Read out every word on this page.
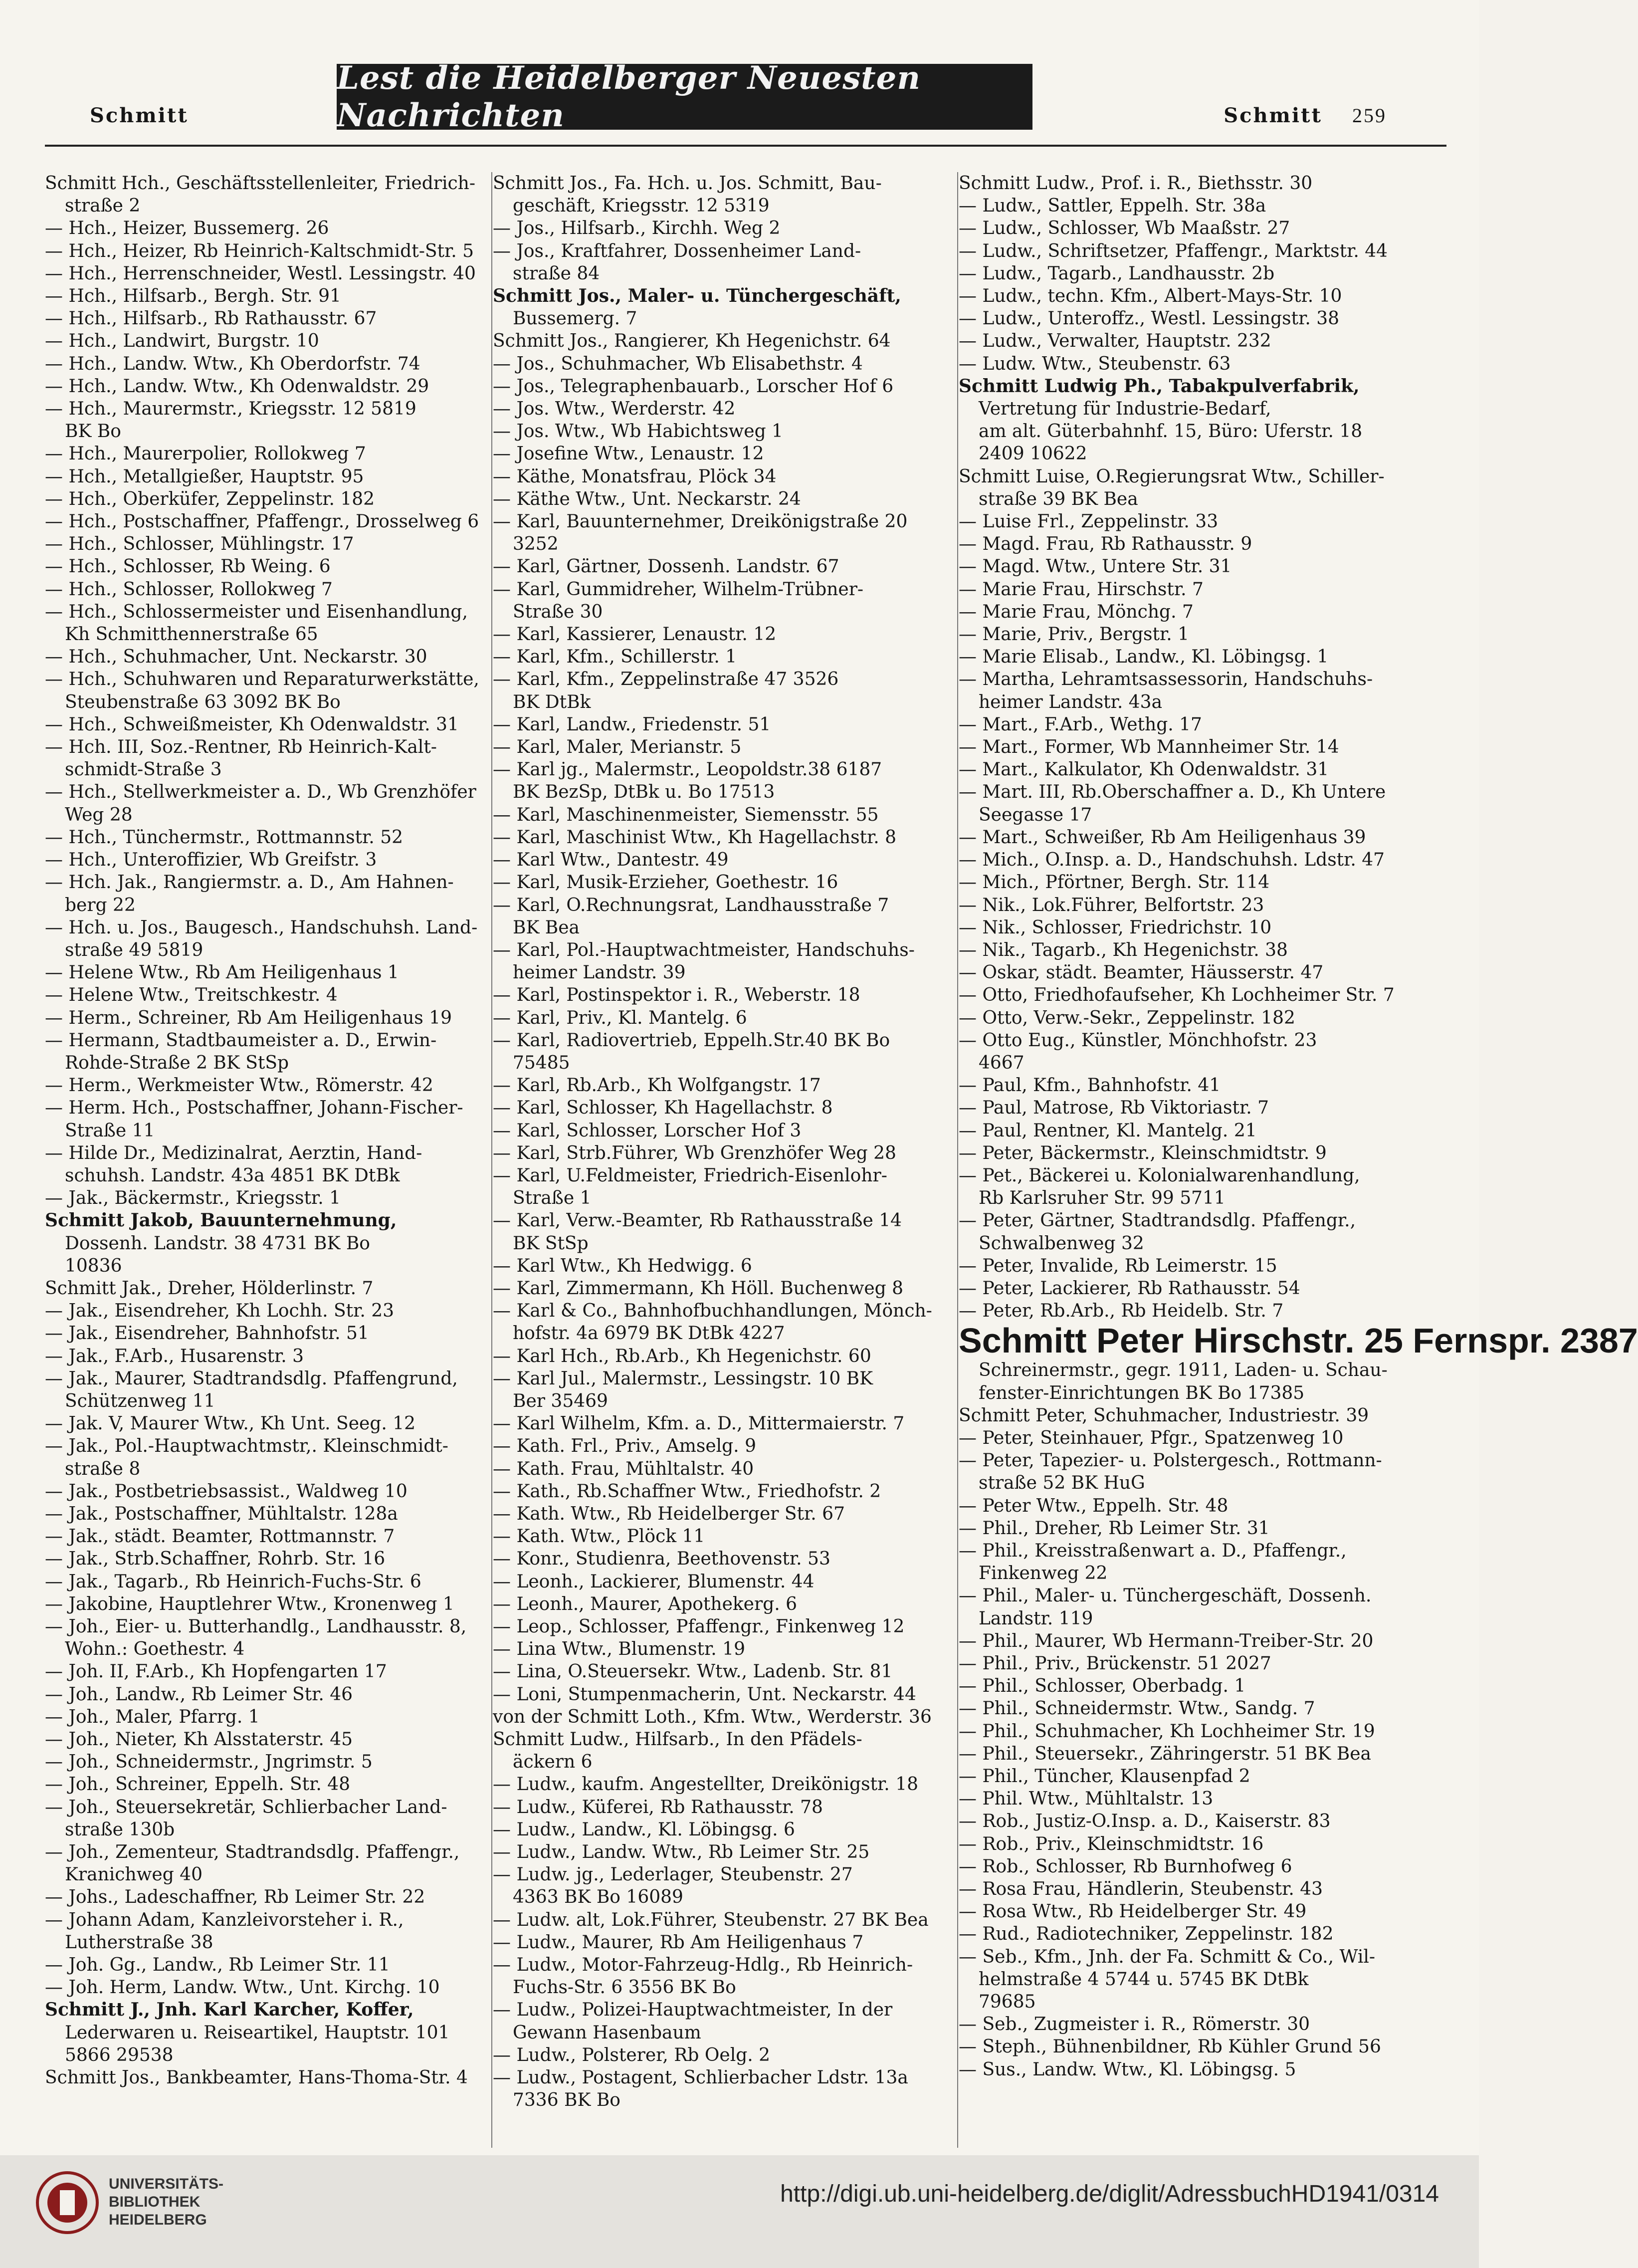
Lest die Heidelberger Neuesten Nachrichten
Schmitt	Schmitt 259

Schmitt Hch., Geschäftsstellenleiter, Friedrich-

straße 2

— Hch., Heizer, Bussemerg. 26

— Hch., Heizer, Rb Heinrich-Kaltschmidt-Str. 5

— Hch., Herrenschneider, Westl. Lessingstr. 40

— Hch., Hilfsarb., Bergh. Str. 91

— Hch., Hilfsarb., Rb Rathausstr. 67

— Hch., Landwirt, Burgstr. 10

— Hch., Landw. Wtw., Kh Oberdorfstr. 74

— Hch., Landw. Wtw., Kh Odenwaldstr. 29

— Hch., Maurermstr., Kriegsstr. 12 5819

BK Bo

— Hch., Maurerpolier, Rollokweg 7

— Hch., Metallgießer, Hauptstr. 95

— Hch., Oberküfer, Zeppelinstr. 182

— Hch., Postschaffner, Pfaffengr., Drosselweg 6

— Hch., Schlosser, Mühlingstr. 17

— Hch., Schlosser, Rb Weing. 6

— Hch., Schlosser, Rollokweg 7

— Hch., Schlossermeister und Eisenhandlung,

Kh Schmitthennerstraße 65

— Hch., Schuhmacher, Unt. Neckarstr. 30

— Hch., Schuhwaren und Reparaturwerkstätte,

Steubenstraße 63 3092 BK Bo

— Hch., Schweißmeister, Kh Odenwaldstr. 31

— Hch. III, Soz.-Rentner, Rb Heinrich-Kalt-

schmidt-Straße 3

— Hch., Stellwerkmeister a. D., Wb Grenzhöfer

Weg 28

— Hch., Tünchermstr., Rottmannstr. 52

— Hch., Unteroffizier, Wb Greifstr. 3

— Hch. Jak., Rangiermstr. a. D., Am Hahnen-

berg 22

— Hch. u. Jos., Baugesch., Handschuhsh. Land-

straße 49 5819

— Helene Wtw., Rb Am Heiligenhaus 1

— Helene Wtw., Treitschkestr. 4

— Herm., Schreiner, Rb Am Heiligenhaus 19

— Hermann, Stadtbaumeister a. D., Erwin-

Rohde-Straße 2 BK StSp

— Herm., Werkmeister Wtw., Römerstr. 42

— Herm. Hch., Postschaffner, Johann-Fischer-

Straße 11

— Hilde Dr., Medizinalrat, Aerztin, Hand-

schuhsh. Landstr. 43a 4851 BK DtBk

— Jak., Bäckermstr., Kriegsstr. 1

Schmitt Jakob, Bauunternehmung,

Dossenh. Landstr. 38 4731 BK Bo

10836

Schmitt Jak., Dreher, Hölderlinstr. 7

— Jak., Eisendreher, Kh Lochh. Str. 23

— Jak., Eisendreher, Bahnhofstr. 51

— Jak., F.Arb., Husarenstr. 3

— Jak., Maurer, Stadtrandsdlg. Pfaffengrund,

Schützenweg 11

— Jak. V, Maurer Wtw., Kh Unt. Seeg. 12

— Jak., Pol.-Hauptwachtmstr,. Kleinschmidt-

straße 8

— Jak., Postbetriebsassist., Waldweg 10

— Jak., Postschaffner, Mühltalstr. 128a

— Jak., städt. Beamter, Rottmannstr. 7

— Jak., Strb.Schaffner, Rohrb. Str. 16

— Jak., Tagarb., Rb Heinrich-Fuchs-Str. 6

— Jakobine, Hauptlehrer Wtw., Kronenweg 1

— Joh., Eier- u. Butterhandlg., Landhausstr. 8,

Wohn.: Goethestr. 4

— Joh. II, F.Arb., Kh Hopfengarten 17

— Joh., Landw., Rb Leimer Str. 46

— Joh., Maler, Pfarrg. 1

— Joh., Nieter, Kh Alsstaterstr. 45

— Joh., Schneidermstr., Jngrimstr. 5

— Joh., Schreiner, Eppelh. Str. 48

— Joh., Steuersekretär, Schlierbacher Land-

straße 130b

— Joh., Zementeur, Stadtrandsdlg. Pfaffengr.,

Kranichweg 40

— Johs., Ladeschaffner, Rb Leimer Str. 22

— Johann Adam, Kanzleivorsteher i. R.,

Lutherstraße 38

— Joh. Gg., Landw., Rb Leimer Str. 11

— Joh. Herm, Landw. Wtw., Unt. Kirchg. 10

Schmitt J., Jnh. Karl Karcher, Koffer,

Lederwaren u. Reiseartikel, Hauptstr. 101

5866 29538

Schmitt Jos., Bankbeamter, Hans-Thoma-Str. 4

Schmitt Jos., Fa. Hch. u. Jos. Schmitt, Bau-

geschäft, Kriegsstr. 12 5319

— Jos., Hilfsarb., Kirchh. Weg 2

— Jos., Kraftfahrer, Dossenheimer Land-

straße 84

Schmitt Jos., Maler- u. Tünchergeschäft,

Bussemerg. 7

Schmitt Jos., Rangierer, Kh Hegenichstr. 64

— Jos., Schuhmacher, Wb Elisabethstr. 4

— Jos., Telegraphenbauarb., Lorscher Hof 6

— Jos. Wtw., Werderstr. 42

— Jos. Wtw., Wb Habichtsweg 1

— Josefine Wtw., Lenaustr. 12

— Käthe, Monatsfrau, Plöck 34

— Käthe Wtw., Unt. Neckarstr. 24

— Karl, Bauunternehmer, Dreikönigstraße 20

3252

— Karl, Gärtner, Dossenh. Landstr. 67

— Karl, Gummidreher, Wilhelm-Trübner-

Straße 30

— Karl, Kassierer, Lenaustr. 12

— Karl, Kfm., Schillerstr. 1

— Karl, Kfm., Zeppelinstraße 47 3526

BK DtBk

— Karl, Landw., Friedenstr. 51

— Karl, Maler, Merianstr. 5

— Karl jg., Malermstr., Leopoldstr.38 6187

BK BezSp, DtBk u. Bo 17513

— Karl, Maschinenmeister, Siemensstr. 55

— Karl, Maschinist Wtw., Kh Hagellachstr. 8

— Karl Wtw., Dantestr. 49

— Karl, Musik-Erzieher, Goethestr. 16

— Karl, O.Rechnungsrat, Landhausstraße 7

BK Bea

— Karl, Pol.-Hauptwachtmeister, Handschuhs-

heimer Landstr. 39

— Karl, Postinspektor i. R., Weberstr. 18

— Karl, Priv., Kl. Mantelg. 6

— Karl, Radiovertrieb, Eppelh.Str.40 BK Bo

75485

— Karl, Rb.Arb., Kh Wolfgangstr. 17

— Karl, Schlosser, Kh Hagellachstr. 8

— Karl, Schlosser, Lorscher Hof 3

— Karl, Strb.Führer, Wb Grenzhöfer Weg 28

— Karl, U.Feldmeister, Friedrich-Eisenlohr-

Straße 1

— Karl, Verw.-Beamter, Rb Rathausstraße 14

BK StSp

— Karl Wtw., Kh Hedwigg. 6

— Karl, Zimmermann, Kh Höll. Buchenweg 8

— Karl & Co., Bahnhofbuchhandlungen, Mönch-

hofstr. 4a 6979 BK DtBk 4227

— Karl Hch., Rb.Arb., Kh Hegenichstr. 60

— Karl Jul., Malermstr., Lessingstr. 10 BK

Ber 35469

— Karl Wilhelm, Kfm. a. D., Mittermaierstr. 7

— Kath. Frl., Priv., Amselg. 9

— Kath. Frau, Mühltalstr. 40

— Kath., Rb.Schaffner Wtw., Friedhofstr. 2

— Kath. Wtw., Rb Heidelberger Str. 67

— Kath. Wtw., Plöck 11

— Konr., Studienra, Beethovenstr. 53

— Leonh., Lackierer, Blumenstr. 44

— Leonh., Maurer, Apothekerg. 6

— Leop., Schlosser, Pfaffengr., Finkenweg 12

— Lina Wtw., Blumenstr. 19

— Lina, O.Steuersekr. Wtw., Ladenb. Str. 81

— Loni, Stumpenmacherin, Unt. Neckarstr. 44

von der Schmitt Loth., Kfm. Wtw., Werderstr. 36

Schmitt Ludw., Hilfsarb., In den Pfädels-

äckern 6

— Ludw., kaufm. Angestellter, Dreikönigstr. 18

— Ludw., Küferei, Rb Rathausstr. 78

— Ludw., Landw., Kl. Löbingsg. 6

— Ludw., Landw. Wtw., Rb Leimer Str. 25

— Ludw. jg., Lederlager, Steubenstr. 27

4363 BK Bo 16089

— Ludw. alt, Lok.Führer, Steubenstr. 27 BK Bea

— Ludw., Maurer, Rb Am Heiligenhaus 7

— Ludw., Motor-Fahrzeug-Hdlg., Rb Heinrich-

Fuchs-Str. 6 3556 BK Bo

— Ludw., Polizei-Hauptwachtmeister, In der

Gewann Hasenbaum

— Ludw., Polsterer, Rb Oelg. 2

— Ludw., Postagent, Schlierbacher Ldstr. 13a

7336 BK Bo

Schmitt Ludw., Prof. i. R., Biethsstr. 30

— Ludw., Sattler, Eppelh. Str. 38a

— Ludw., Schlosser, Wb Maaßstr. 27

— Ludw., Schriftsetzer, Pfaffengr., Marktstr. 44

— Ludw., Tagarb., Landhausstr. 2b

— Ludw., techn. Kfm., Albert-Mays-Str. 10

— Ludw., Unteroffz., Westl. Lessingstr. 38

— Ludw., Verwalter, Hauptstr. 232

— Ludw. Wtw., Steubenstr. 63

Schmitt Ludwig Ph., Tabakpulverfabrik,

Vertretung für Industrie-Bedarf,

am alt. Güterbahnhf. 15, Büro: Uferstr. 18

2409 10622

Schmitt Luise, O.Regierungsrat Wtw., Schiller-

straße 39 BK Bea

— Luise Frl., Zeppelinstr. 33

— Magd. Frau, Rb Rathausstr. 9

— Magd. Wtw., Untere Str. 31

— Marie Frau, Hirschstr. 7

— Marie Frau, Mönchg. 7

— Marie, Priv., Bergstr. 1

— Marie Elisab., Landw., Kl. Löbingsg. 1

— Martha, Lehramtsassessorin, Handschuhs-

heimer Landstr. 43a

— Mart., F.Arb., Wethg. 17

— Mart., Former, Wb Mannheimer Str. 14

— Mart., Kalkulator, Kh Odenwaldstr. 31

— Mart. III, Rb.Oberschaffner a. D., Kh Untere

Seegasse 17

— Mart., Schweißer, Rb Am Heiligenhaus 39

— Mich., O.Insp. a. D., Handschuhsh. Ldstr. 47

— Mich., Pförtner, Bergh. Str. 114

— Nik., Lok.Führer, Belfortstr. 23

— Nik., Schlosser, Friedrichstr. 10

— Nik., Tagarb., Kh Hegenichstr. 38

— Oskar, städt. Beamter, Häusserstr. 47

— Otto, Friedhofaufseher, Kh Lochheimer Str. 7

— Otto, Verw.-Sekr., Zeppelinstr. 182

— Otto Eug., Künstler, Mönchhofstr. 23

4667

— Paul, Kfm., Bahnhofstr. 41

— Paul, Matrose, Rb Viktoriastr. 7

— Paul, Rentner, Kl. Mantelg. 21

— Peter, Bäckermstr., Kleinschmidtstr. 9

— Pet., Bäckerei u. Kolonialwarenhandlung,

Rb Karlsruher Str. 99 5711

— Peter, Gärtner, Stadtrandsdlg. Pfaffengr.,

Schwalbenweg 32

— Peter, Invalide, Rb Leimerstr. 15

— Peter, Lackierer, Rb Rathausstr. 54

— Peter, Rb.Arb., Rb Heidelb. Str. 7

Schmitt Peter Hirschstr. 25 Fernspr. 2387

Schreinermstr., gegr. 1911, Laden- u. Schau-

fenster-Einrichtungen BK Bo 17385

Schmitt Peter, Schuhmacher, Industriestr. 39

— Peter, Steinhauer, Pfgr., Spatzenweg 10

— Peter, Tapezier- u. Polstergesch., Rottmann-

straße 52 BK HuG

— Peter Wtw., Eppelh. Str. 48

— Phil., Dreher, Rb Leimer Str. 31

— Phil., Kreisstraßenwart a. D., Pfaffengr.,

Finkenweg 22

— Phil., Maler- u. Tünchergeschäft, Dossenh.

Landstr. 119

— Phil., Maurer, Wb Hermann-Treiber-Str. 20

— Phil., Priv., Brückenstr. 51 2027

— Phil., Schlosser, Oberbadg. 1

— Phil., Schneidermstr. Wtw., Sandg. 7

— Phil., Schuhmacher, Kh Lochheimer Str. 19

— Phil., Steuersekr., Zähringerstr. 51 BK Bea

— Phil., Tüncher, Klausenpfad 2

— Phil. Wtw., Mühltalstr. 13

— Rob., Justiz-O.Insp. a. D., Kaiserstr. 83

— Rob., Priv., Kleinschmidtstr. 16

— Rob., Schlosser, Rb Burnhofweg 6

— Rosa Frau, Händlerin, Steubenstr. 43

— Rosa Wtw., Rb Heidelberger Str. 49

— Rud., Radiotechniker, Zeppelinstr. 182

— Seb., Kfm., Jnh. der Fa. Schmitt & Co., Wil-

helmstraße 4 5744 u. 5745 BK DtBk

79685

— Seb., Zugmeister i. R., Römerstr. 30

— Steph., Bühnenbildner, Rb Kühler Grund 56

— Sus., Landw. Wtw., Kl. Löbingsg. 5

UNIVERSITÄTS-
BIBLIOTHEK
HEIDELBERG
http://digi.ub.uni-heidelberg.de/diglit/AdressbuchHD1941/0314
